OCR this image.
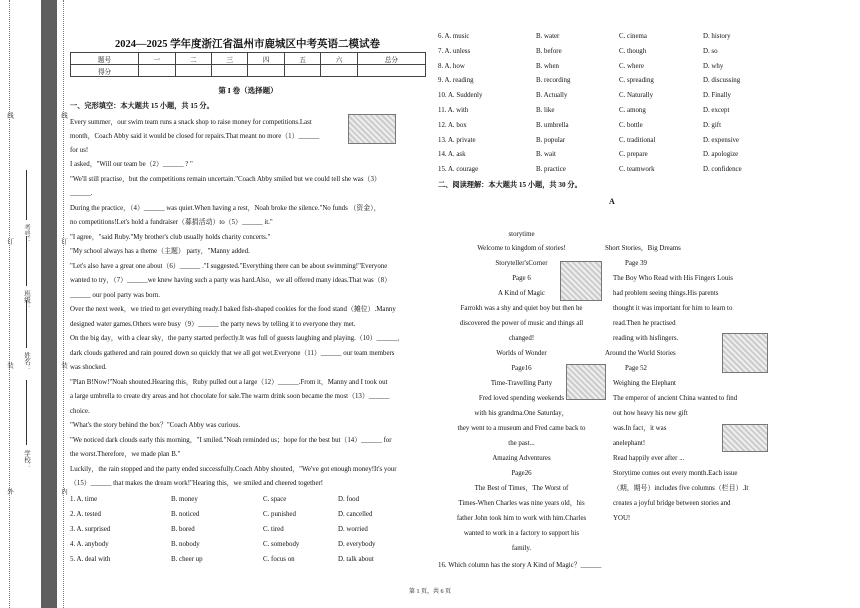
外
装
订
线
学校：
姓名：
班级：
考号：
内
装
订
线
2024—2025 学年度浙江省温州市鹿城区中考英语二模试卷
题号	一	二	三	四	五	六	总分
得分							
第 I 卷（选择题）
一、完形填空：本大题共 15 小题，共 15 分。
Every summer，our swim team runs a snack shop to raise money for competitions.Last
month，Coach Abby said it would be closed for repairs.That meant no more（1）______
for us!
I asked，"Will our team be（2）______ ? "
"We'll still practise，but the competitions remain uncertain."Coach Abby smiled but we could tell she was（3）
______.
During the practice，（4）______ was quiet.When having a rest，Noah broke the silence."No funds （资金），
no competitions!Let's hold a fundraiser（募捐活动）to（5）______ it."
"I agree，"said Ruby."My brother's club usually holds charity concerts."
"My school always has a theme（主题） party，"Manny added.
"Let's also have a great one about（6）______ ."I suggested."Everything there can be about swimming!"Everyone
wanted to try，（7）______we knew having such a party was hard.Also，we all offered many ideas.That was（8）
______ our pool party was born.
Over the next week，we tried to get everything ready.I baked fish-shaped cookies for the food stand（摊位）.Manny
designed water games.Others were busy（9）______ the party news by telling it to everyone they met.
On the big day，with a clear sky，the party started perfectly.It was full of guests laughing and playing.（10）______，
dark clouds gathered and rain poured down so quickly that we all got wet.Everyone（11）______ our team members
was shocked.
"Plan B!Now!"Noah shouted.Hearing this，Ruby pulled out a large（12）______.From it，Manny and I took out
a large umbrella to create dry areas and hot chocolate for sale.The warm drink soon became the most（13）______
choice.
"What's the story behind the box？"Coach Abby was curious.
"We noticed dark clouds early this morning，"I smiled."Noah reminded us；hope for the best but（14）______ for
the worst.Therefore，we made plan B."
Luckily，the rain stopped and the party ended successfully.Coach Abby shouted，"We've got enough money!It's your
（15）______ that makes the dream work!"Hearing this，we smiled and cheered together!
1. A. time	B. money	C. space	D. food
2. A. tested	B. noticed	C. punished	D. cancelled
3. A. surprised	B. bored	C. tired	D. worried
4. A. anybody	B. nobody	C. somebody	D. everybody
5. A. deal with	B. cheer up	C. focus on	D. talk about
6. A. music	B. water	C. cinema	D. history
7. A. unless	B. before	C. though	D. so
8. A. how	B. when	C. where	D. why
9. A. reading	B. recording	C. spreading	D. discussing
10. A. Suddenly	B. Actually	C. Naturally	D. Finally
11. A. with	B. like	C. among	D. except
12. A. box	B. umbrella	C. bottle	D. gift
13. A. private	B. popular	C. traditional	D. expensive
14. A. ask	B. wait	C. prepare	D. apologize
15. A. courage	B. practice	C. teamwork	D. confidence
二、阅读理解：本大题共 15 小题，共 30 分。
A
storytime
Welcome to kingdom of stories!
Storyteller'sCorner
Page 6
A Kind of Magic
Farrokh was a shy and quiet boy but then he
discovered the power of music and things all
changed!
Worlds of Wonder
Page16
Time-Travelling Party
Fred loved spending weekends
with his grandma.One Saturday，
they went to a museum and Fred came back to
the past...
Amazing Adventures
Page26
The Best of Times，The Worst of
Times-When Charles was nine years old，his
father John took him to work with him.Charles
wanted to work in a factory to support his
family.
Short Stories，Big Dreams
Page 39
The Boy Who Read with His Fingers Louis
had problem seeing things.His parents
thought it was important for him to learn to
read.Then he practised
reading with hisfingers.
Around the World Stories
Page 52
Weighing the Elephant
The emperor of ancient China wanted to find
out how heavy his new gift
was.In fact，it was
anelephant!
Read happily ever after ...
Storytime comes out every month.Each issue
（期，期号）includes five columns（栏目）.It
creates a joyful bridge between stories and
YOU!
16. Which column has the story A Kind of Magic？______
第 1 页，共 6 页
